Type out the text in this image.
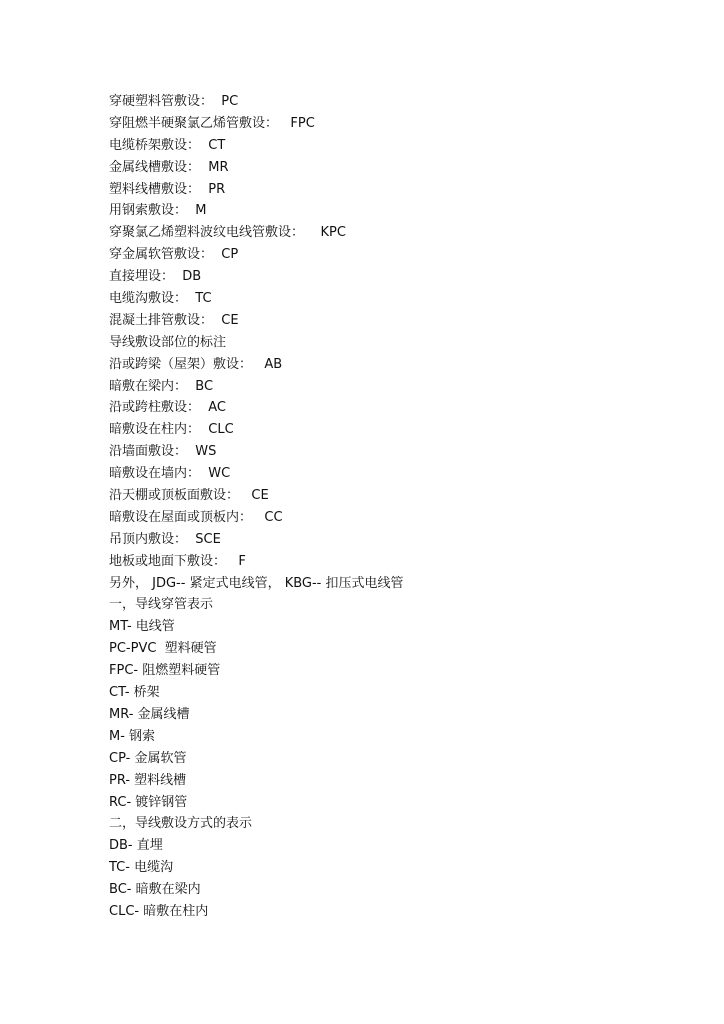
穿硬塑料管敷设：  PC
穿阻燃半硬聚氯乙烯管敷设：   FPC
电缆桥架敷设：  CT
金属线槽敷设：  MR
塑料线槽敷设：  PR
用钢索敷设：  M
穿聚氯乙烯塑料波纹电线管敷设：    KPC
穿金属软管敷设：  CP
直接埋设：  DB
电缆沟敷设：  TC
混凝土排管敷设：  CE
导线敷设部位的标注
沿或跨梁（屋架）敷设：   AB
暗敷在梁内：  BC
沿或跨柱敷设：  AC
暗敷设在柱内：  CLC
沿墙面敷设：  WS
暗敷设在墙内：  WC
沿天棚或顶板面敷设：   CE
暗敷设在屋面或顶板内：   CC
吊顶内敷设：  SCE
地板或地面下敷设：   F
另外， JDG-- 紧定式电线管， KBG-- 扣压式电线管
一，导线穿管表示
MT- 电线管
PC-PVC  塑料硬管
FPC- 阻燃塑料硬管
CT- 桥架
MR- 金属线槽
M- 钢索
CP- 金属软管
PR- 塑料线槽
RC- 镀锌钢管
二，导线敷设方式的表示
DB- 直埋
TC- 电缆沟
BC- 暗敷在梁内
CLC- 暗敷在柱内
